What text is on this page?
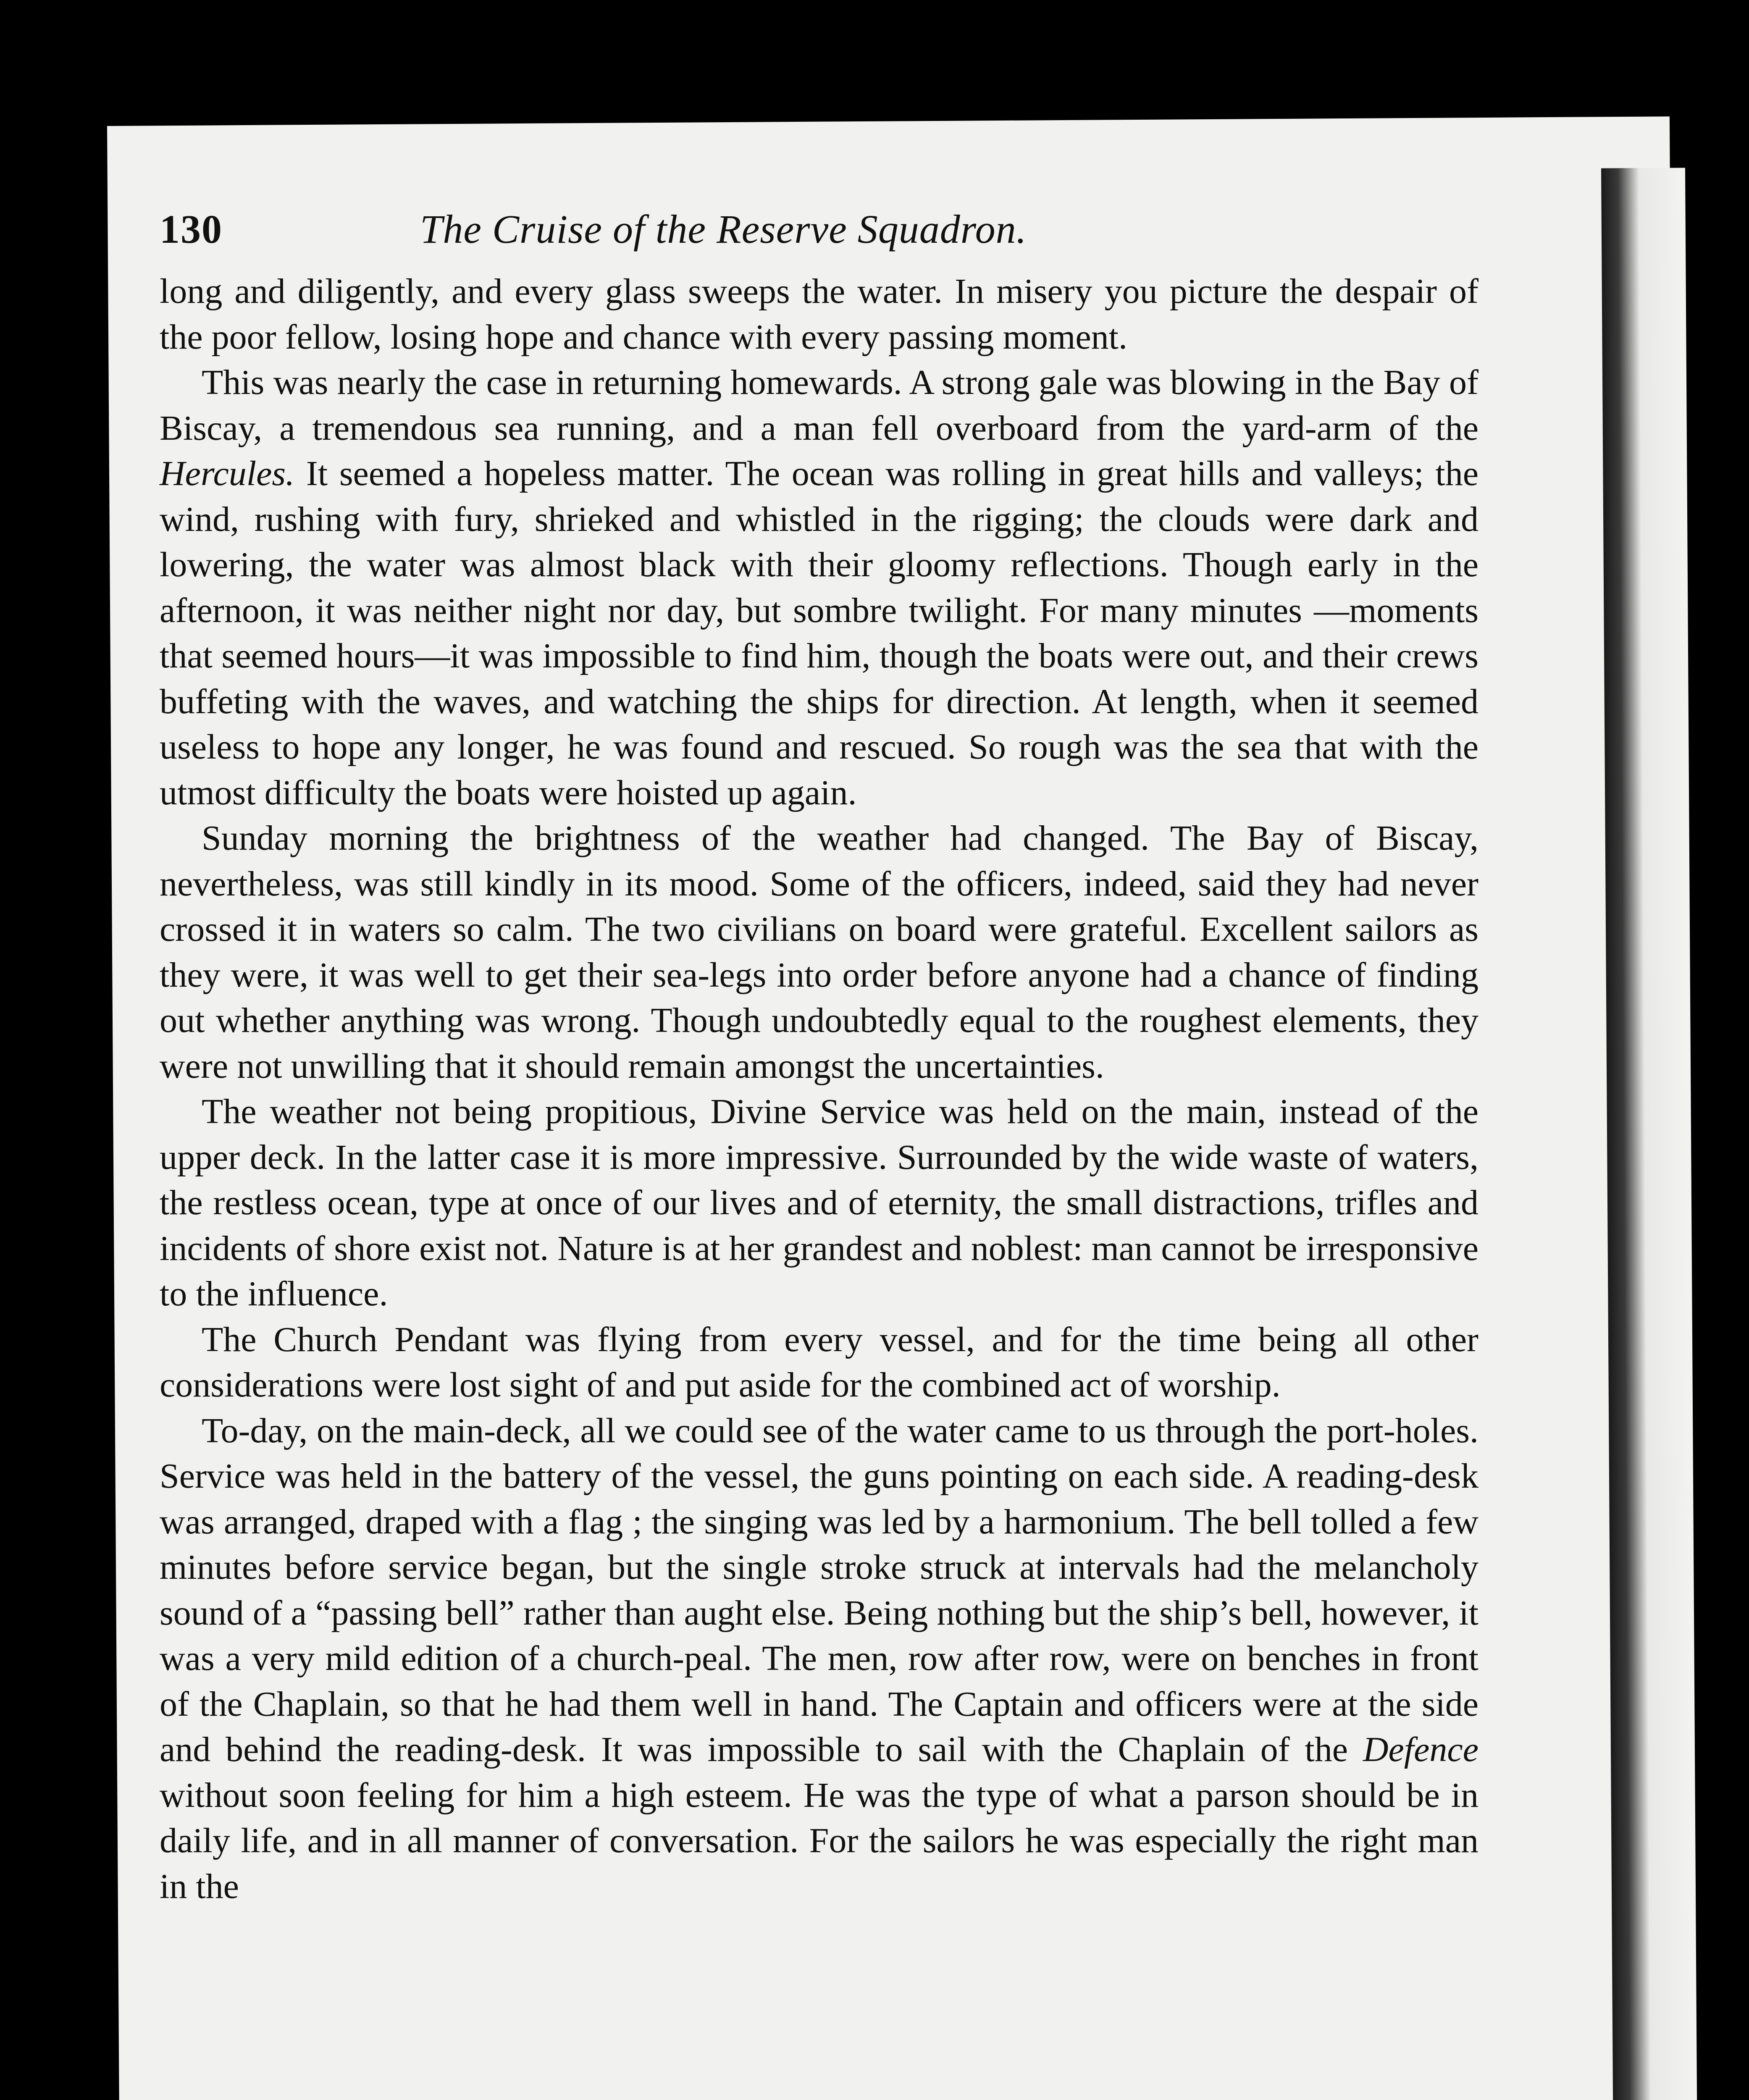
130	The Cruise of the Reserve Squadron.

long and diligently, and every glass sweeps the water. In misery you picture the despair of the poor fellow, losing hope and chance with every passing moment.

This was nearly the case in returning homewards. A strong gale was blowing in the Bay of Biscay, a tremendous sea running, and a man fell overboard from the yard-arm of the Hercules. It seemed a hopeless matter. The ocean was rolling in great hills and valleys; the wind, rushing with fury, shrieked and whistled in the rigging; the clouds were dark and lowering, the water was almost black with their gloomy reflections. Though early in the afternoon, it was neither night nor day, but sombre twilight. For many minutes —moments that seemed hours—it was impossible to find him, though the boats were out, and their crews buffeting with the waves, and watching the ships for direction. At length, when it seemed useless to hope any longer, he was found and rescued. So rough was the sea that with the utmost difficulty the boats were hoisted up again.

Sunday morning the brightness of the weather had changed. The Bay of Biscay, nevertheless, was still kindly in its mood. Some of the officers, indeed, said they had never crossed it in waters so calm. The two civilians on board were grateful. Excellent sailors as they were, it was well to get their sea-legs into order before anyone had a chance of finding out whether anything was wrong. Though undoubtedly equal to the roughest elements, they were not unwilling that it should remain amongst the uncertainties.

The weather not being propitious, Divine Service was held on the main, instead of the upper deck. In the latter case it is more impressive. Surrounded by the wide waste of waters, the restless ocean, type at once of our lives and of eternity, the small distractions, trifles and incidents of shore exist not. Nature is at her grandest and noblest: man cannot be irresponsive to the influence.

The Church Pendant was flying from every vessel, and for the time being all other considerations were lost sight of and put aside for the combined act of worship.

To-day, on the main-deck, all we could see of the water came to us through the port-holes. Service was held in the battery of the vessel, the guns pointing on each side. A reading-desk was arranged, draped with a flag ; the singing was led by a harmonium. The bell tolled a few minutes before service began, but the single stroke struck at intervals had the melancholy sound of a “passing bell” rather than aught else. Being nothing but the ship’s bell, however, it was a very mild edition of a church-peal. The men, row after row, were on benches in front of the Chaplain, so that he had them well in hand. The Captain and officers were at the side and behind the reading-desk. It was impossible to sail with the Chaplain of the Defence without soon feeling for him a high esteem. He was the type of what a parson should be in daily life, and in all manner of conversation. For the sailors he was especially the right man in the
